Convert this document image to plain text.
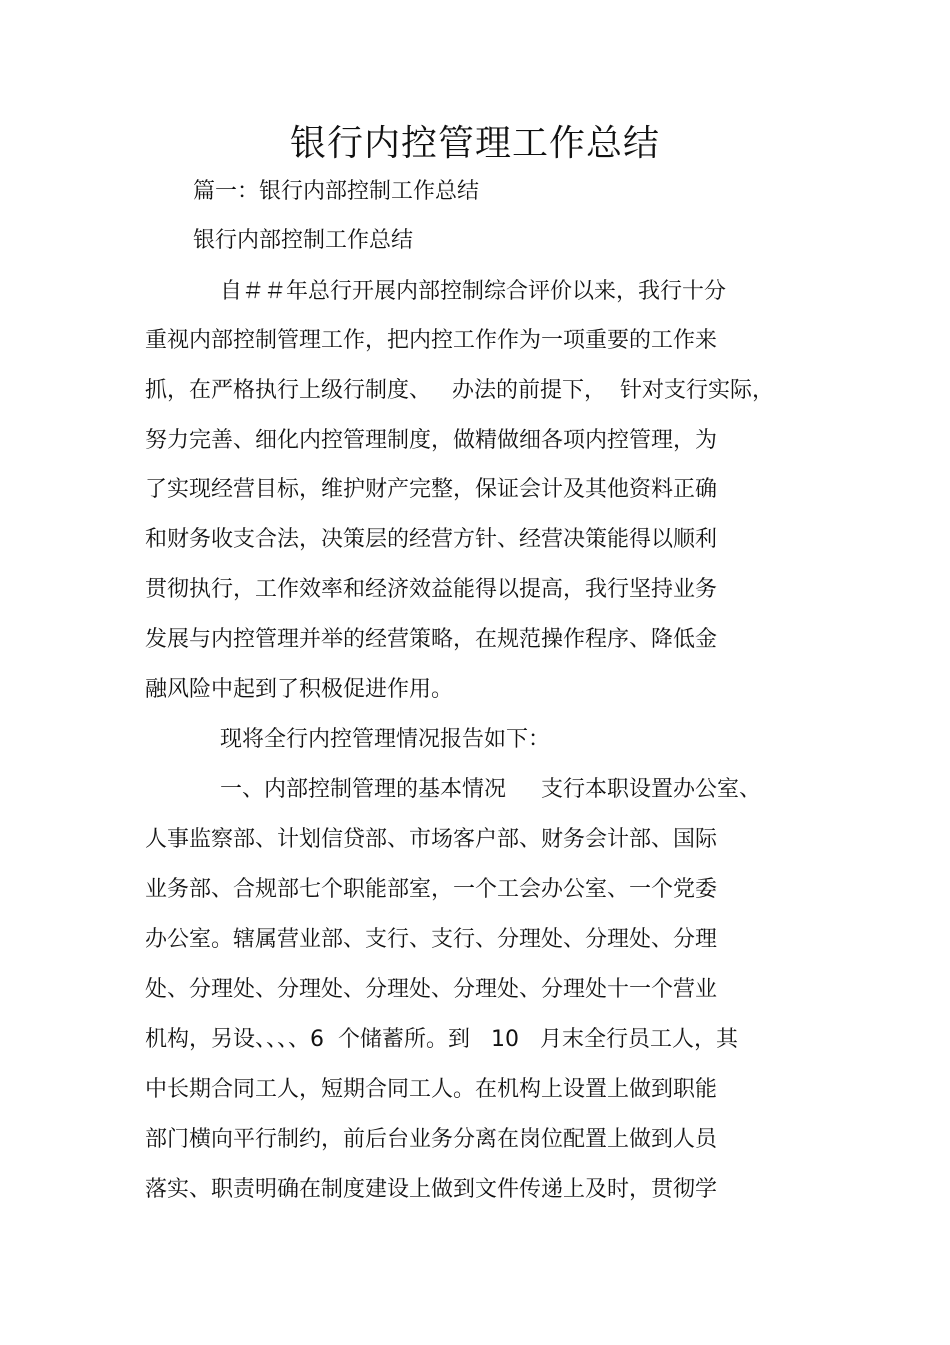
银行内控管理工作总结
篇一：银行内部控制工作总结
银行内部控制工作总结
自＃＃年总行开展内部控制综合评价以来，我行十分
重视内部控制管理工作，把内控工作作为一项重要的工作来
抓，在严格执行上级行制度、   办法的前提下，  针对支行实际，
努力完善、细化内控管理制度，做精做细各项内控管理，为
了实现经营目标，维护财产完整，保证会计及其他资料正确
和财务收支合法，决策层的经营方针、经营决策能得以顺利
贯彻执行，工作效率和经济效益能得以提高，我行坚持业务
发展与内控管理并举的经营策略，在规范操作程序、降低金
融风险中起到了积极促进作用。
现将全行内控管理情况报告如下：
一、内部控制管理的基本情况     支行本职设置办公室、
人事监察部、计划信贷部、市场客户部、财务会计部、国际
业务部、合规部七个职能部室，一个工会办公室、一个党委
办公室。辖属营业部、支行、支行、分理处、分理处、分理
处、分理处、分理处、分理处、分理处、分理处十一个营业
机构，另设、、、、6  个储蓄所。到   10   月末全行员工人，其
中长期合同工人，短期合同工人。在机构上设置上做到职能
部门横向平行制约，前后台业务分离在岗位配置上做到人员
落实、职责明确在制度建设上做到文件传递上及时，贯彻学
